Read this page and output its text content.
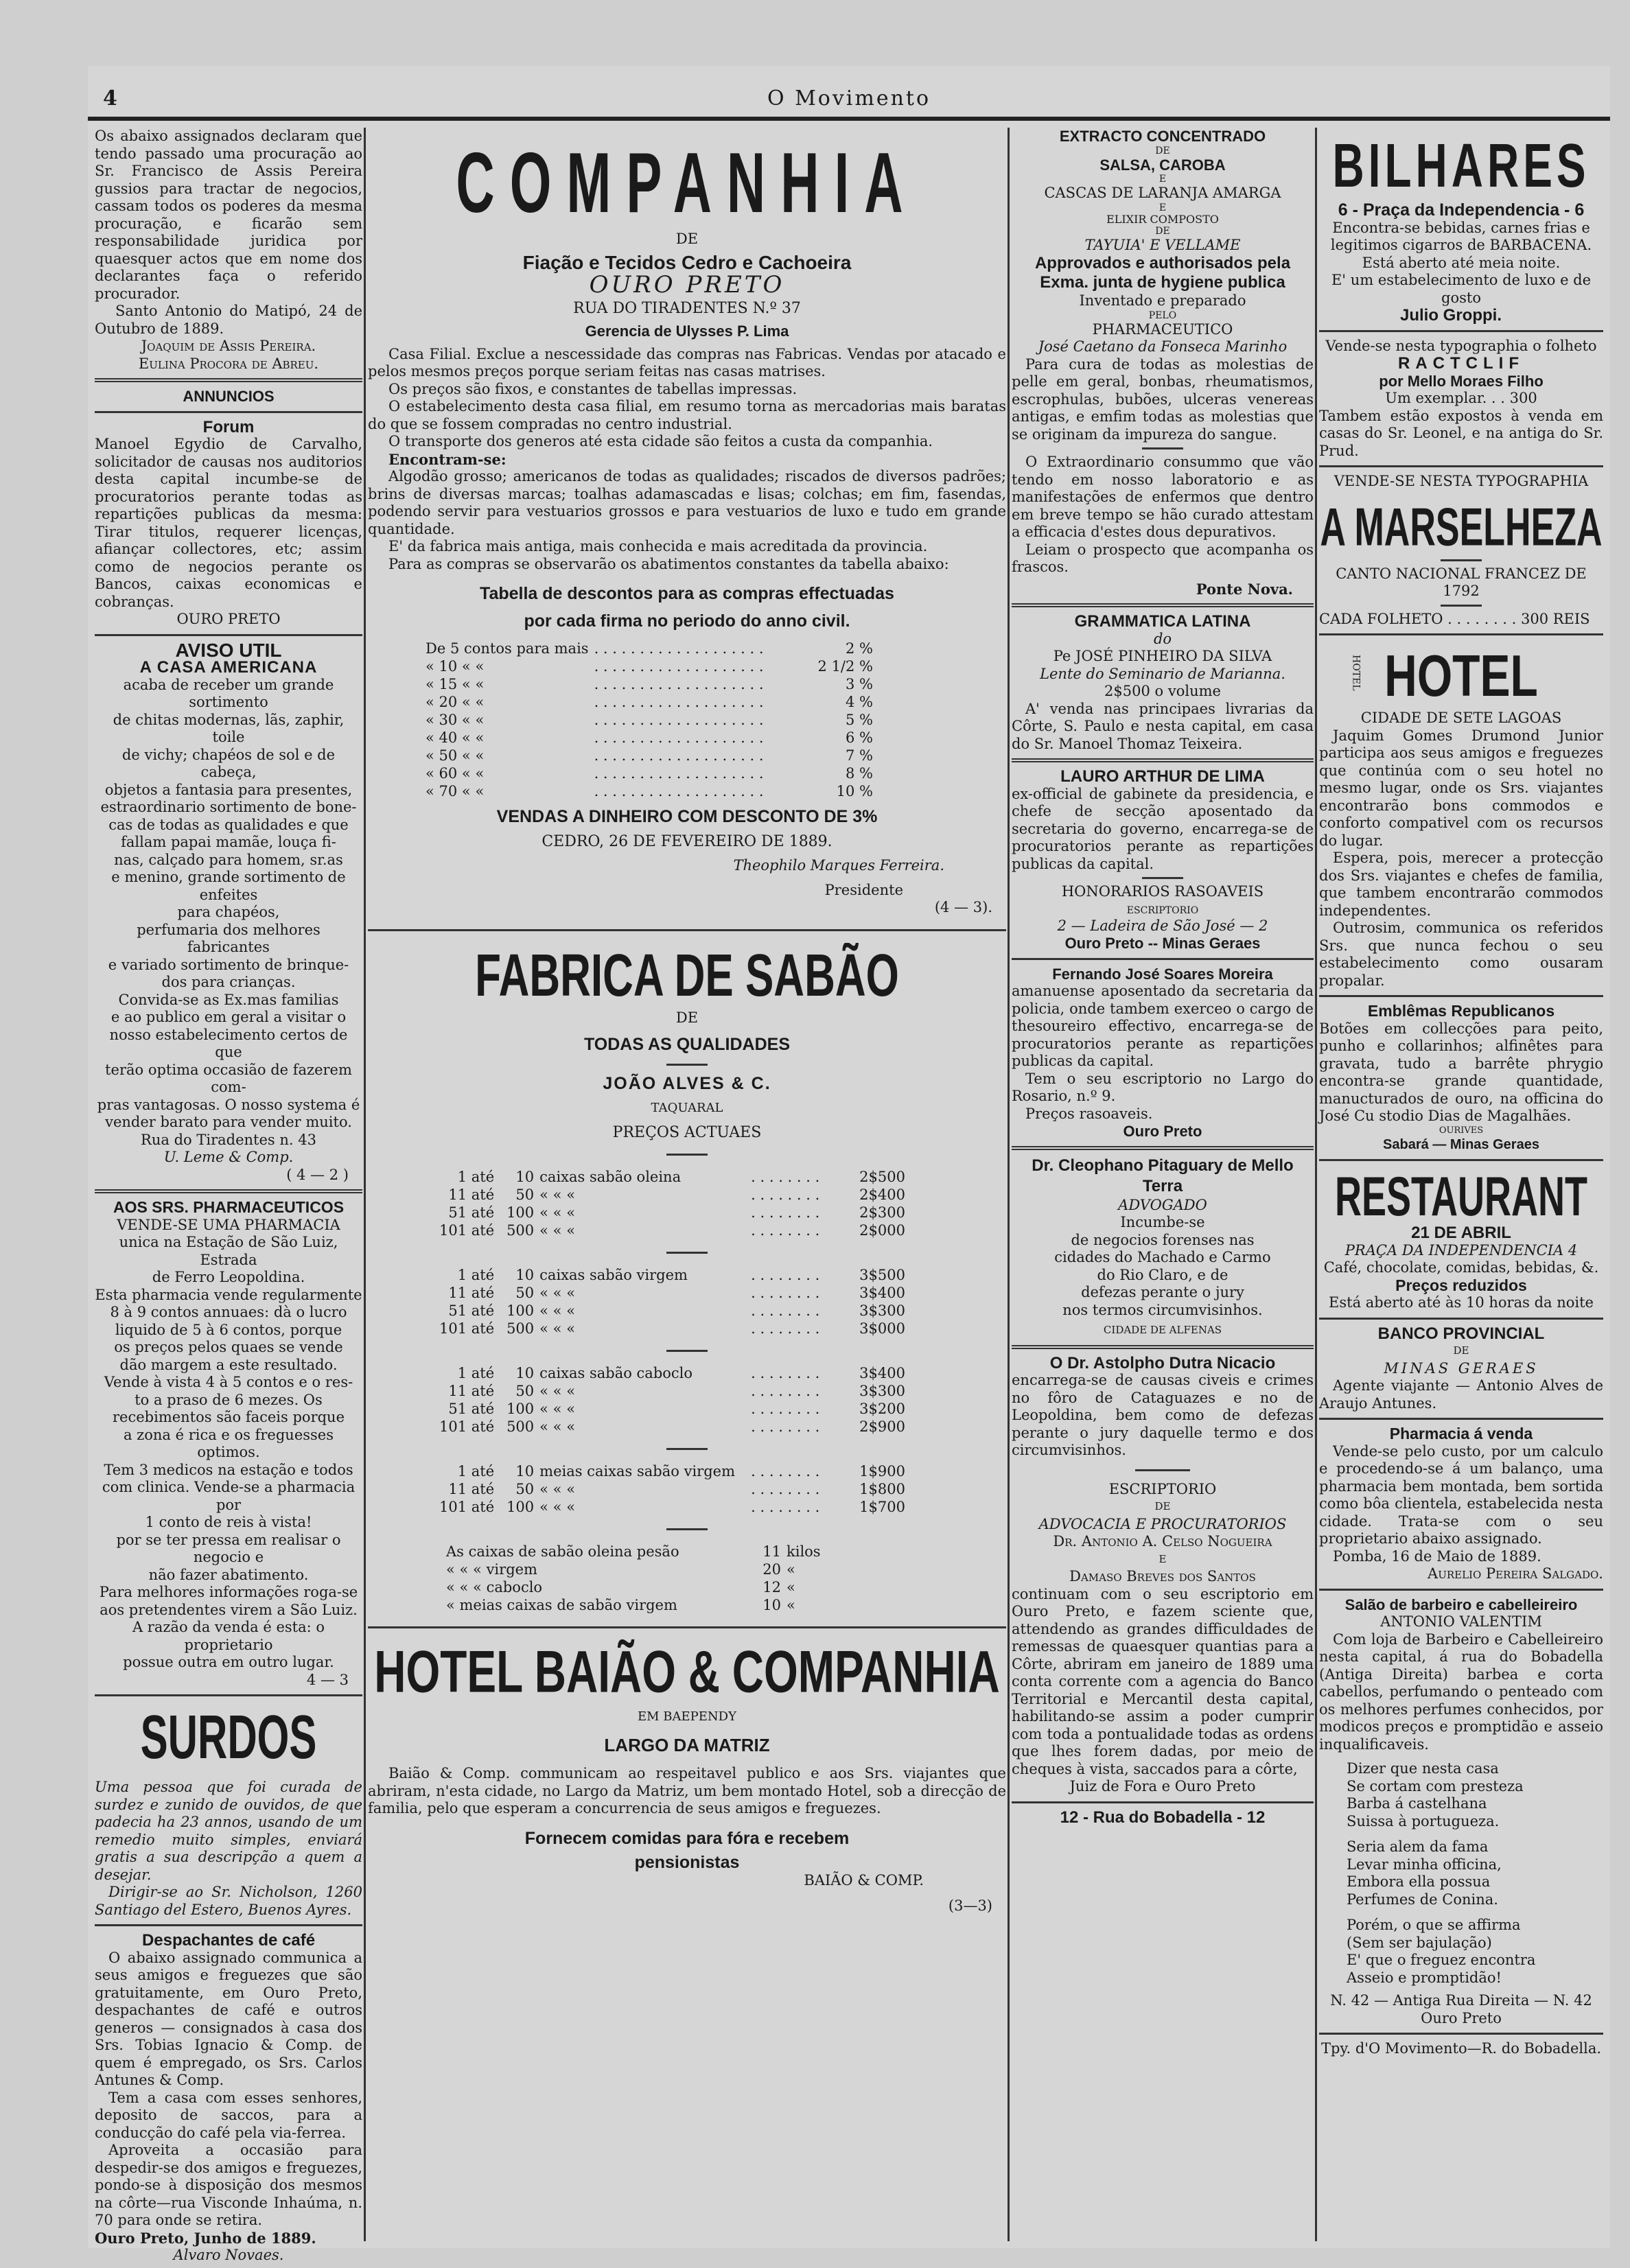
4	O Movimento

Os abaixo assignados declaram que tendo passado uma procuração ao Sr. Francisco de Assis Pereira gussios para tractar de negocios, cassam todos os poderes da mesma procuração, e ficarão sem responsabilidade juridica por quaesquer actos que em nome dos declarantes faça o referido procurador.

Santo Antonio do Matipó, 24 de Outubro de 1889.

Joaquim de Assis Pereira.

Eulina Procora de Abreu.

ANNUNCIOS

Forum

Manoel Egydio de Carvalho, solicitador de causas nos auditorios desta capital incumbe-se de procuratorios perante todas as repartições publicas da mesma: Tirar titulos, requerer licenças, afiançar collectores, etc; assim como de negocios perante os Bancos, caixas economicas e cobranças.

OURO PRETO

AVISO UTIL

A CASA AMERICANA

acaba de receber um grande sortimento

de chitas modernas, lãs, zaphir, toile

de vichy; chapéos de sol e de cabeça,

objetos a fantasia para presentes,

estraordinario sortimento de bone-

cas de todas as qualidades e que

fallam papai mamãe, louça fi-

nas, calçado para homem, sr.as

e menino, grande sortimento de enfeites

para chapéos,

perfumaria dos melhores fabricantes

e variado sortimento de brinque-

dos para crianças.

Convida-se as Ex.mas familias

e ao publico em geral a visitar o

nosso estabelecimento certos de que

terão optima occasião de fazerem com-

pras vantagosas. O nosso systema é

vender barato para vender muito.

Rua do Tiradentes n. 43

U. Leme & Comp.

( 4 — 2 )

AOS SRS. PHARMACEUTICOS

VENDE-SE UMA PHARMACIA

unica na Estação de São Luiz, Estrada

de Ferro Leopoldina.

Esta pharmacia vende regularmente

8 à 9 contos annuaes: dà o lucro

liquido de 5 à 6 contos, porque

os preços pelos quaes se vende

dão margem a este resultado.

Vende à vista 4 à 5 contos e o res-

to a praso de 6 mezes. Os

recebimentos são faceis porque

a zona é rica e os freguesses optimos.

Tem 3 medicos na estação e todos

com clinica. Vende-se a pharmacia por

1 conto de reis à vista!

por se ter pressa em realisar o negocio e

não fazer abatimento.

Para melhores informações roga-se

aos pretendentes virem a São Luiz.

A razão da venda é esta: o proprietario

possue outra em outro lugar.

4 — 3

SURDOS

Uma pessoa que foi curada de surdez e zunido de ouvidos, de que padecia ha 23 annos, usando de um remedio muito simples, enviará gratis a sua descripção a quem a desejar.

Dirigir-se ao Sr. Nicholson, 1260 Santiago del Estero, Buenos Ayres.

Despachantes de café

O abaixo assignado communica a seus amigos e freguezes que são gratuitamente, em Ouro Preto, despachantes de café e outros generos — consignados à casa dos Srs. Tobias Ignacio & Comp. de quem é empregado, os Srs. Carlos Antunes & Comp.

Tem a casa com esses senhores, deposito de saccos, para a conducção do café pela via-ferrea.

Aproveita a occasião para despedir-se dos amigos e freguezes, pondo-se à disposição dos mesmos na côrte—rua Visconde Inhaúma, n. 70 para onde se retira.

Ouro Preto, Junho de 1889.

Alvaro Novaes.

COMPANHIA

DE

Fiação e Tecidos Cedro e Cachoeira

OURO PRETO

RUA DO TIRADENTES N.º 37

Gerencia de Ulysses P. Lima

Casa Filial. Exclue a nescessidade das compras nas Fabricas. Vendas por atacado e pelos mesmos preços porque seriam feitas nas casas matrises.

Os preços são fixos, e constantes de tabellas impressas.

O estabelecimento desta casa filial, em resumo torna as mercadorias mais baratas do que se fossem compradas no centro industrial.

O transporte dos generos até esta cidade são feitos a custa da companhia.

Encontram-se:

Algodão grosso; americanos de todas as qualidades; riscados de diversos padrões; brins de diversas marcas; toalhas adamascadas e lisas; colchas; em fim, fasendas, podendo servir para vestuarios grossos e para vestuarios de luxo e tudo em grande quantidade.

E' da fabrica mais antiga, mais conhecida e mais acreditada da provincia.

Para as compras se observarão os abatimentos constantes da tabella abaixo:

Tabella de descontos para as compras effectuadas

por cada firma no periodo do anno civil.

De 5 contos para mais	. . . . . . . . . . . . . . . . . . .	2 %
« 10 « «	. . . . . . . . . . . . . . . . . . .	2 1/2 %
« 15 « «	. . . . . . . . . . . . . . . . . . .	3 %
« 20 « «	. . . . . . . . . . . . . . . . . . .	4 %
« 30 « «	. . . . . . . . . . . . . . . . . . .	5 %
« 40 « «	. . . . . . . . . . . . . . . . . . .	6 %
« 50 « «	. . . . . . . . . . . . . . . . . . .	7 %
« 60 « «	. . . . . . . . . . . . . . . . . . .	8 %
« 70 « «	. . . . . . . . . . . . . . . . . . .	10 %

VENDAS A DINHEIRO COM DESCONTO DE 3%

CEDRO, 26 DE FEVEREIRO DE 1889.

Theophilo Marques Ferreira.

Presidente

(4 — 3).

FABRICA DE SABÃO

DE

TODAS AS QUALIDADES

JOÃO ALVES & C.

TAQUARAL

PREÇOS ACTUAES

1 até	10	caixas sabão oleina	. . . . . . . .	2$500
11 até	50	« « «	. . . . . . . .	2$400
51 até	100	« « «	. . . . . . . .	2$300
101 até	500	« « «	. . . . . . . .	2$000
1 até	10	caixas sabão virgem	. . . . . . . .	3$500
11 até	50	« « «	. . . . . . . .	3$400
51 até	100	« « «	. . . . . . . .	3$300
101 até	500	« « «	. . . . . . . .	3$000
1 até	10	caixas sabão caboclo	. . . . . . . .	3$400
11 até	50	« « «	. . . . . . . .	3$300
51 até	100	« « «	. . . . . . . .	3$200
101 até	500	« « «	. . . . . . . .	2$900
1 até	10	meias caixas sabão virgem	. . . . . . . .	1$900
11 até	50	« « «	. . . . . . . .	1$800
101 até	100	« « «	. . . . . . . .	1$700
As caixas de sabão oleina pesão	11	kilos
« « « virgem	20	«
« « « caboclo	12	«
« meias caixas de sabão virgem	10	«
HOTEL BAIÃO & COMPANHIA

EM BAEPENDY

LARGO DA MATRIZ

Baião & Comp. communicam ao respeitavel publico e aos Srs. viajantes que abriram, n'esta cidade, no Largo da Matriz, um bem montado Hotel, sob a direcção de familia, pelo que esperam a concurrencia de seus amigos e freguezes.

Fornecem comidas para fóra e recebem

pensionistas

BAIÃO & COMP.

(3—3)

EXTRACTO CONCENTRADO

DE

SALSA, CAROBA

E

CASCAS DE LARANJA AMARGA

E

ELIXIR COMPOSTO

DE

TAYUIA' E VELLAME

Approvados e authorisados pela Exma. junta de hygiene publica

Inventado e preparado

PELO

PHARMACEUTICO

José Caetano da Fonseca Marinho

Para cura de todas as molestias de pelle em geral, bonbas, rheumatismos, escrophulas, bubões, ulceras venereas antigas, e emfim todas as molestias que se originam da impureza do sangue.

O Extraordinario consummo que vão tendo em nosso laboratorio e as manifestações de enfermos que dentro em breve tempo se hão curado attestam a efficacia d'estes dous depurativos.

Leiam o prospecto que acompanha os frascos.

Ponte Nova.

GRAMMATICA LATINA

do

Pe JOSÉ PINHEIRO DA SILVA

Lente do Seminario de Marianna.

2$500 o volume

A' venda nas principaes livrarias da Côrte, S. Paulo e nesta capital, em casa do Sr. Manoel Thomaz Teixeira.

LAURO ARTHUR DE LIMA

ex-official de gabinete da presidencia, e chefe de secção aposentado da secretaria do governo, encarrega-se de procuratorios perante as repartições publicas da capital.

HONORARIOS RASOAVEIS

ESCRIPTORIO

2 — Ladeira de São José — 2

Ouro Preto -- Minas Geraes

Fernando José Soares Moreira

amanuense aposentado da secretaria da policia, onde tambem exerceo o cargo de thesoureiro effectivo, encarrega-se de procuratorios perante as repartições publicas da capital.

Tem o seu escriptorio no Largo do Rosario, n.º 9.

Preços rasoaveis.

Ouro Preto

Dr. Cleophano Pitaguary de Mello Terra

ADVOGADO

Incumbe-se

de negocios forenses nas

cidades do Machado e Carmo

do Rio Claro, e de

defezas perante o jury

nos termos circumvisinhos.

CIDADE DE ALFENAS

O Dr. Astolpho Dutra Nicacio

encarrega-se de causas civeis e crimes no fôro de Cataguazes e no de Leopoldina, bem como de defezas perante o jury daquelle termo e dos circumvisinhos.

ESCRIPTORIO

DE

ADVOCACIA E PROCURATORIOS

Dr. Antonio A. Celso Nogueira

E

Damaso Breves dos Santos

continuam com o seu escriptorio em Ouro Preto, e fazem sciente que, attendendo as grandes difficuldades de remessas de quaesquer quantias para a Côrte, abriram em janeiro de 1889 uma conta corrente com a agencia do Banco Territorial e Mercantil desta capital, habilitando-se assim a poder cumprir com toda a pontualidade todas as ordens que lhes forem dadas, por meio de cheques à vista, saccados para a côrte,

Juiz de Fora e Ouro Preto

12 - Rua do Bobadella - 12

BILHARES

6 - Praça da Independencia - 6

Encontra-se bebidas, carnes frias e legitimos cigarros de BARBACENA.

Está aberto até meia noite.

E' um estabelecimento de luxo e de gosto

Julio Groppi.

Vende-se nesta typographia o folheto

RACTCLIF

por Mello Moraes Filho

Um exemplar. . . 300

Tambem estão expostos à venda em casas do Sr. Leonel, e na antiga do Sr. Prud.

VENDE-SE NESTA TYPOGRAPHIA

A MARSELHEZA

CANTO NACIONAL FRANCEZ DE 1792

CADA FOLHETO . . . . . . . . 300 REIS

HOTEL
HOTEL

CIDADE DE SETE LAGOAS

Jaquim Gomes Drumond Junior participa aos seus amigos e freguezes que continúa com o seu hotel no mesmo lugar, onde os Srs. viajantes encontrarão bons commodos e conforto compativel com os recursos do lugar.

Espera, pois, merecer a protecção dos Srs. viajantes e chefes de familia, que tambem encontrarão commodos independentes.

Outrosim, communica os referidos Srs. que nunca fechou o seu estabelecimento como ousaram propalar.

Emblêmas Republicanos

Botões em collecções para peito, punho e collarinhos; alfinêtes para gravata, tudo a barrête phrygio encontra-se grande quantidade, manucturados de ouro, na officina do José Cu stodio Dias de Magalhães.

OURIVES

Sabará — Minas Geraes

RESTAURANT

21 DE ABRIL

PRAÇA DA INDEPENDENCIA 4

Café, chocolate, comidas, bebidas, &.

Preços reduzidos

Está aberto até às 10 horas da noite

BANCO PROVINCIAL

DE

MINAS GERAES

Agente viajante — Antonio Alves de Araujo Antunes.

Pharmacia á venda

Vende-se pelo custo, por um calculo e procedendo-se á um balanço, uma pharmacia bem montada, bem sortida como bôa clientela, estabelecida nesta cidade. Trata-se com o seu proprietario abaixo assignado.

Pomba, 16 de Maio de 1889.

Aurelio Pereira Salgado.

Salão de barbeiro e cabelleireiro

ANTONIO VALENTIM

Com loja de Barbeiro e Cabelleireiro nesta capital, á rua do Bobadella (Antiga Direita) barbea e corta cabellos, perfumando o penteado com os melhores perfumes conhecidos, por modicos preços e promptidão e asseio inqualificaveis.

Dizer que nesta casa

Se cortam com presteza

Barba á castelhana

Suissa à portugueza.

Seria alem da fama

Levar minha officina,

Embora ella possua

Perfumes de Conina.

Porém, o que se affirma

(Sem ser bajulação)

E' que o freguez encontra

Asseio e promptidão!

N. 42 — Antiga Rua Direita — N. 42

Ouro Preto

Tpy. d'O Movimento—R. do Bobadella.
